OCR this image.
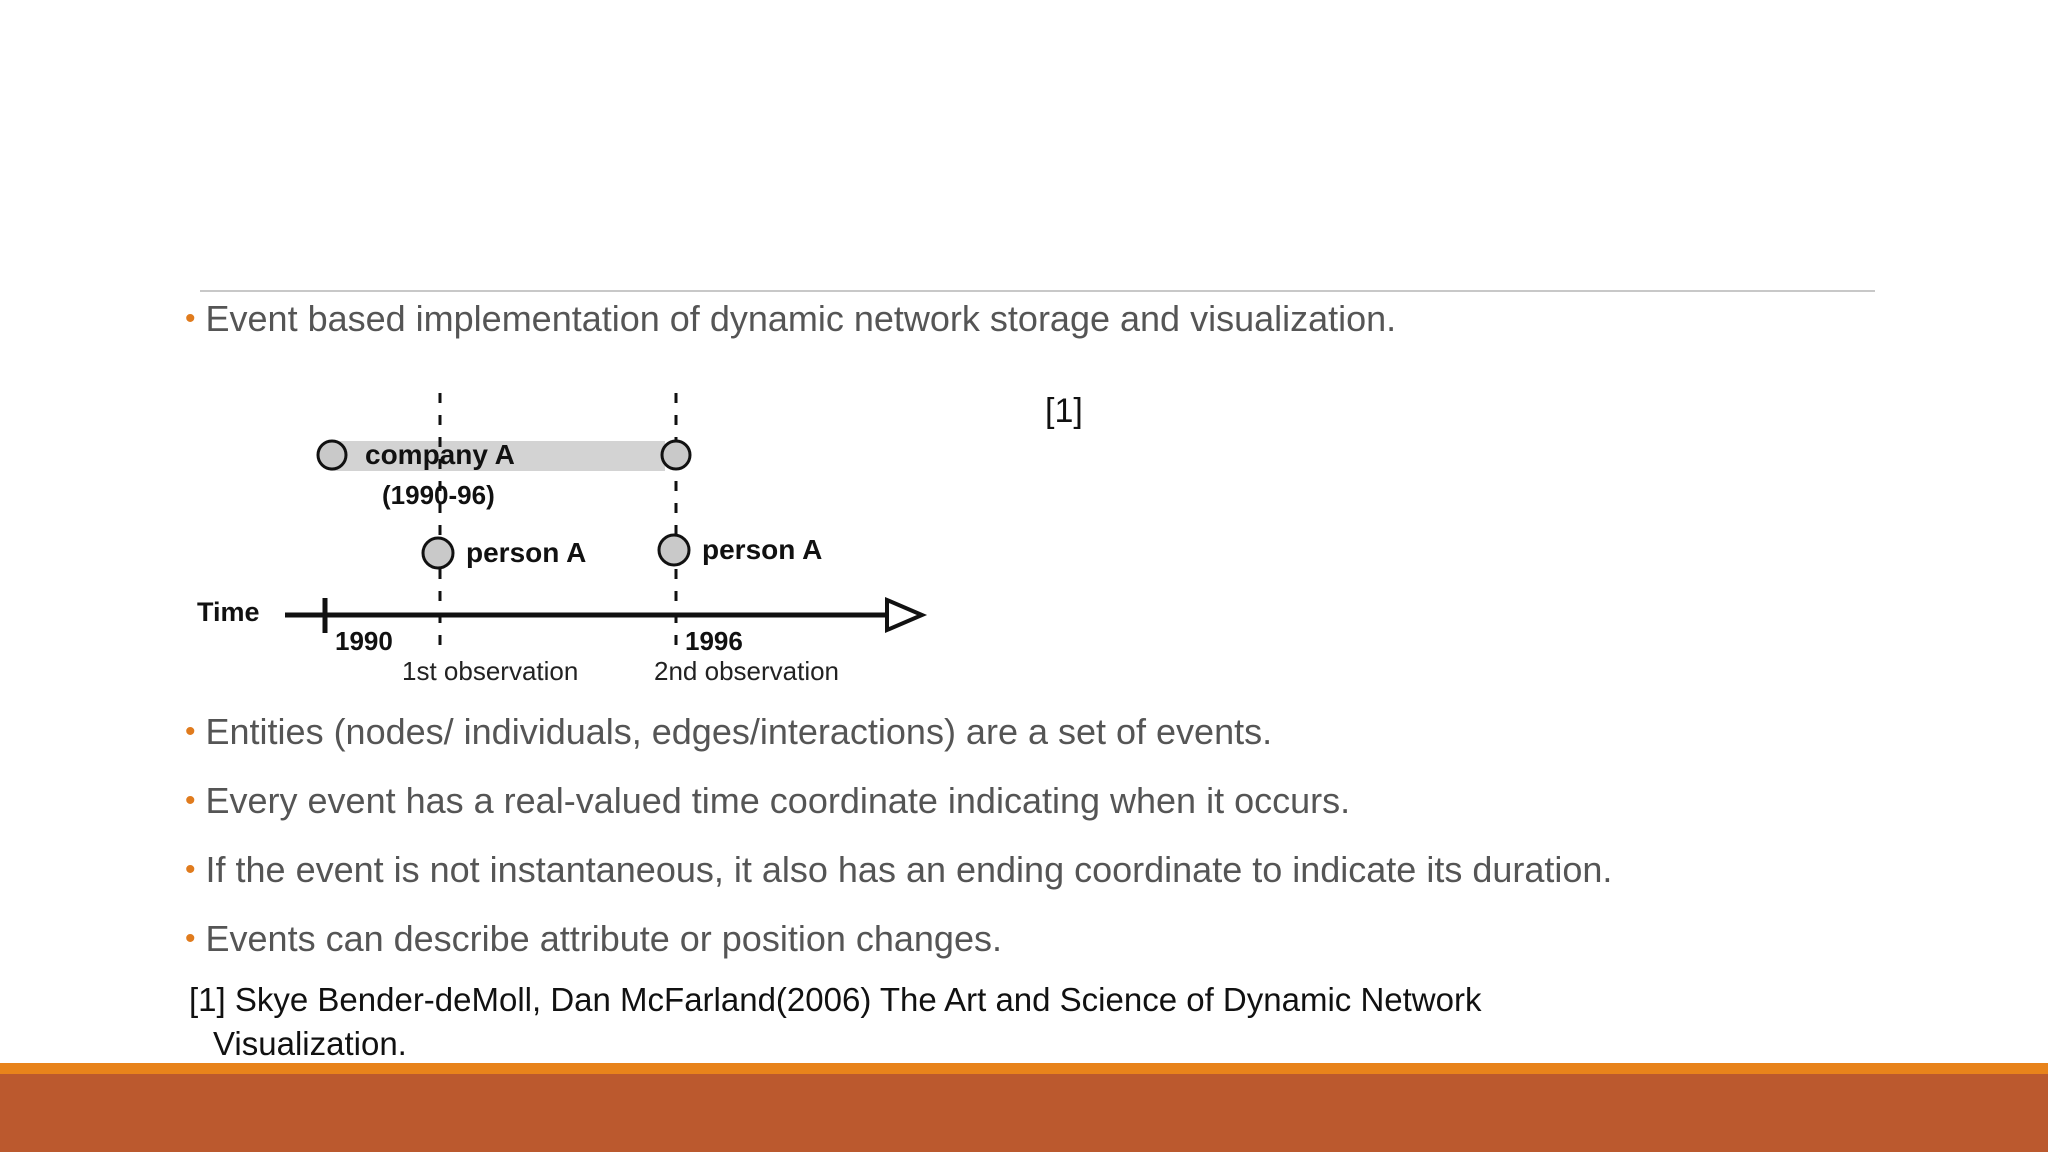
• Event based implementation of dynamic network storage and visualization.
[1]
company A
(1990-96)
person A	person A
Time
1990	1996
1st observation	2nd observation
• Entities (nodes/ individuals, edges/interactions) are a set of events.
• Every event has a real-valued time coordinate indicating when it occurs.
• If the event is not instantaneous, it also has an ending coordinate to indicate its duration.
• Events can describe attribute or position changes.
[1] Skye Bender-deMoll, Dan McFarland(2006) The Art and Science of Dynamic Network
Visualization.
